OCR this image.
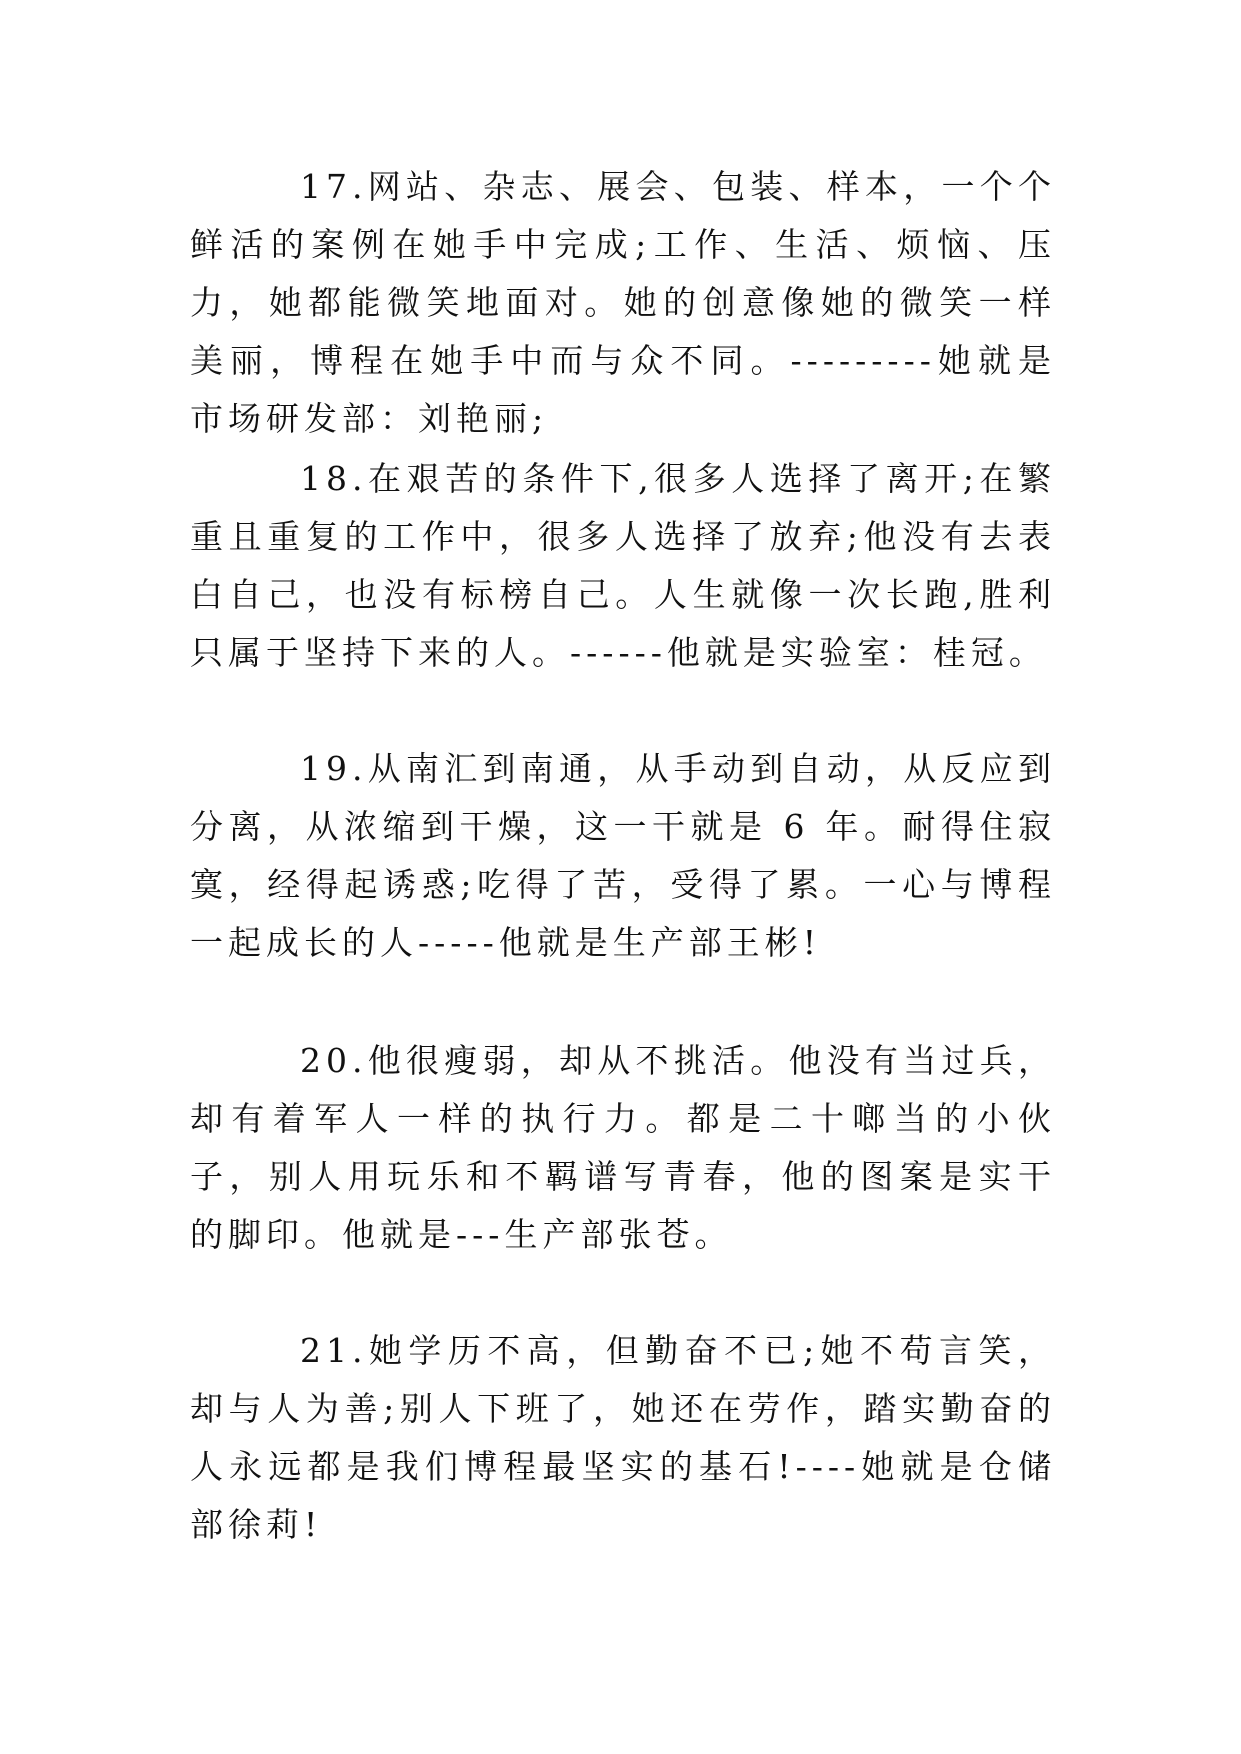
17.网站、杂志、展会、包装、样本，一个个鲜活的案例在她手中完成;工作、生活、烦恼、压力，她都能微笑地面对。她的创意像她的微笑一样美丽，博程在她手中而与众不同。---------她就是市场研发部：刘艳丽;

18.在艰苦的条件下,很多人选择了离开;在繁重且重复的工作中，很多人选择了放弃;他没有去表白自己，也没有标榜自己。人生就像一次长跑,胜利只属于坚持下来的人。------他就是实验室：桂冠。

19.从南汇到南通，从手动到自动，从反应到分离，从浓缩到干燥，这一干就是 6 年。耐得住寂寞，经得起诱惑;吃得了苦，受得了累。一心与博程一起成长的人-----他就是生产部王彬!

20.他很瘦弱，却从不挑活。他没有当过兵，却有着军人一样的执行力。都是二十啷当的小伙子，别人用玩乐和不羁谱写青春，他的图案是实干的脚印。他就是---生产部张苍。

21.她学历不高，但勤奋不已;她不苟言笑，却与人为善;别人下班了，她还在劳作，踏实勤奋的人永远都是我们博程最坚实的基石!----她就是仓储部徐莉!
